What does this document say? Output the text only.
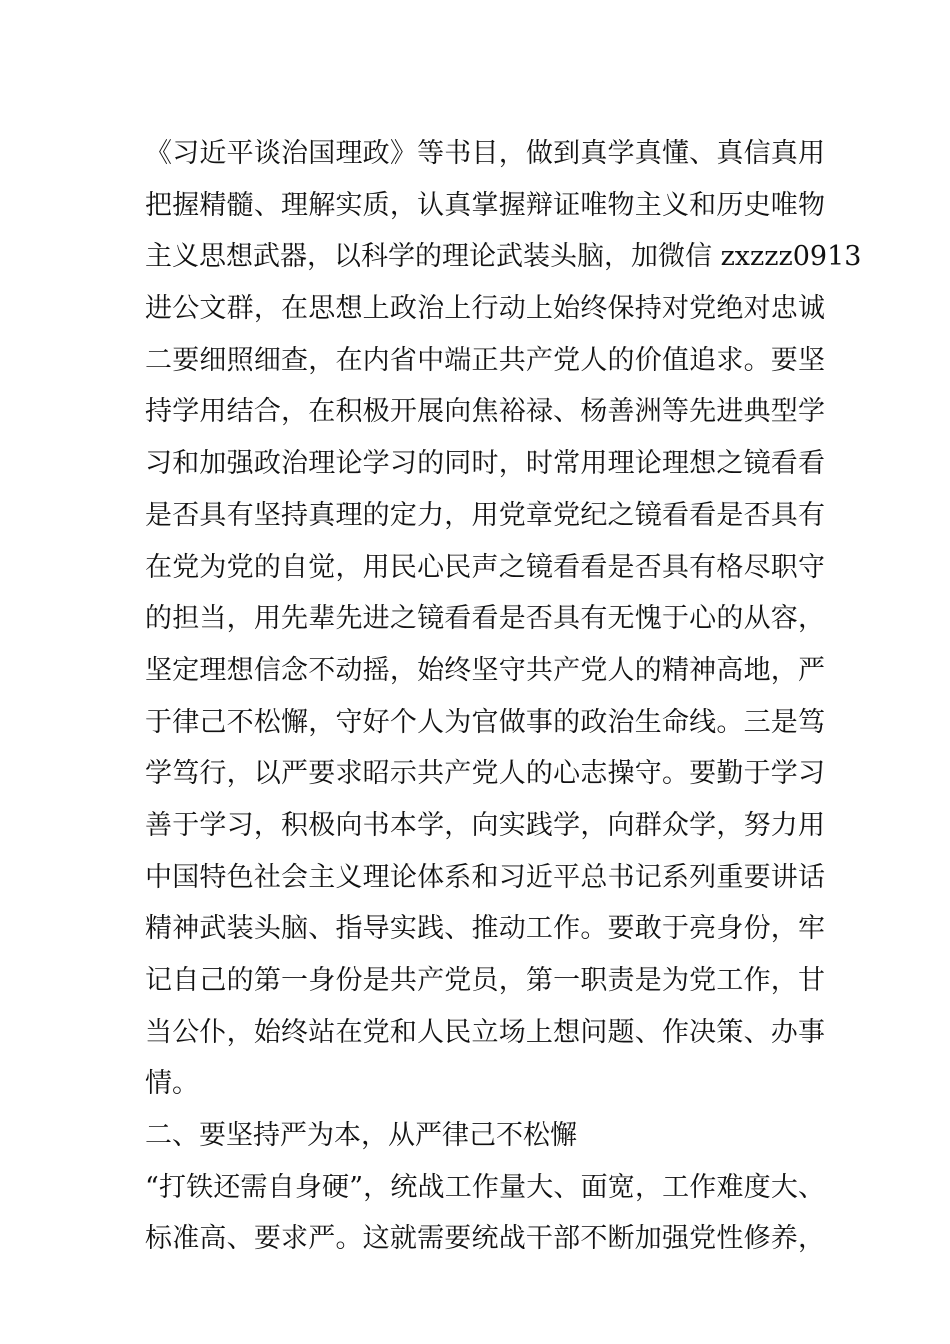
《习近平谈治国理政》等书目，做到真学真懂、真信真用
把握精髓、理解实质，认真掌握辩证唯物主义和历史唯物
主义思想武器，以科学的理论武装头脑，加微信 zxzzz0913
进公文群，在思想上政治上行动上始终保持对党绝对忠诚
二要细照细查，在内省中端正共产党人的价值追求。要坚
持学用结合，在积极开展向焦裕禄、杨善洲等先进典型学
习和加强政治理论学习的同时，时常用理论理想之镜看看
是否具有坚持真理的定力，用党章党纪之镜看看是否具有
在党为党的自觉，用民心民声之镜看看是否具有格尽职守
的担当，用先辈先进之镜看看是否具有无愧于心的从容，
坚定理想信念不动摇，始终坚守共产党人的精神高地，严
于律己不松懈，守好个人为官做事的政治生命线。三是笃
学笃行，以严要求昭示共产党人的心志操守。要勤于学习
善于学习，积极向书本学，向实践学，向群众学，努力用
中国特色社会主义理论体系和习近平总书记系列重要讲话
精神武装头脑、指导实践、推动工作。要敢于亮身份，牢
记自己的第一身份是共产党员，第一职责是为党工作，甘
当公仆，始终站在党和人民立场上想问题、作决策、办事
情。
二、要坚持严为本，从严律己不松懈
“打铁还需自身硬”，统战工作量大、面宽，工作难度大、
标准高、要求严。这就需要统战干部不断加强党性修养，
